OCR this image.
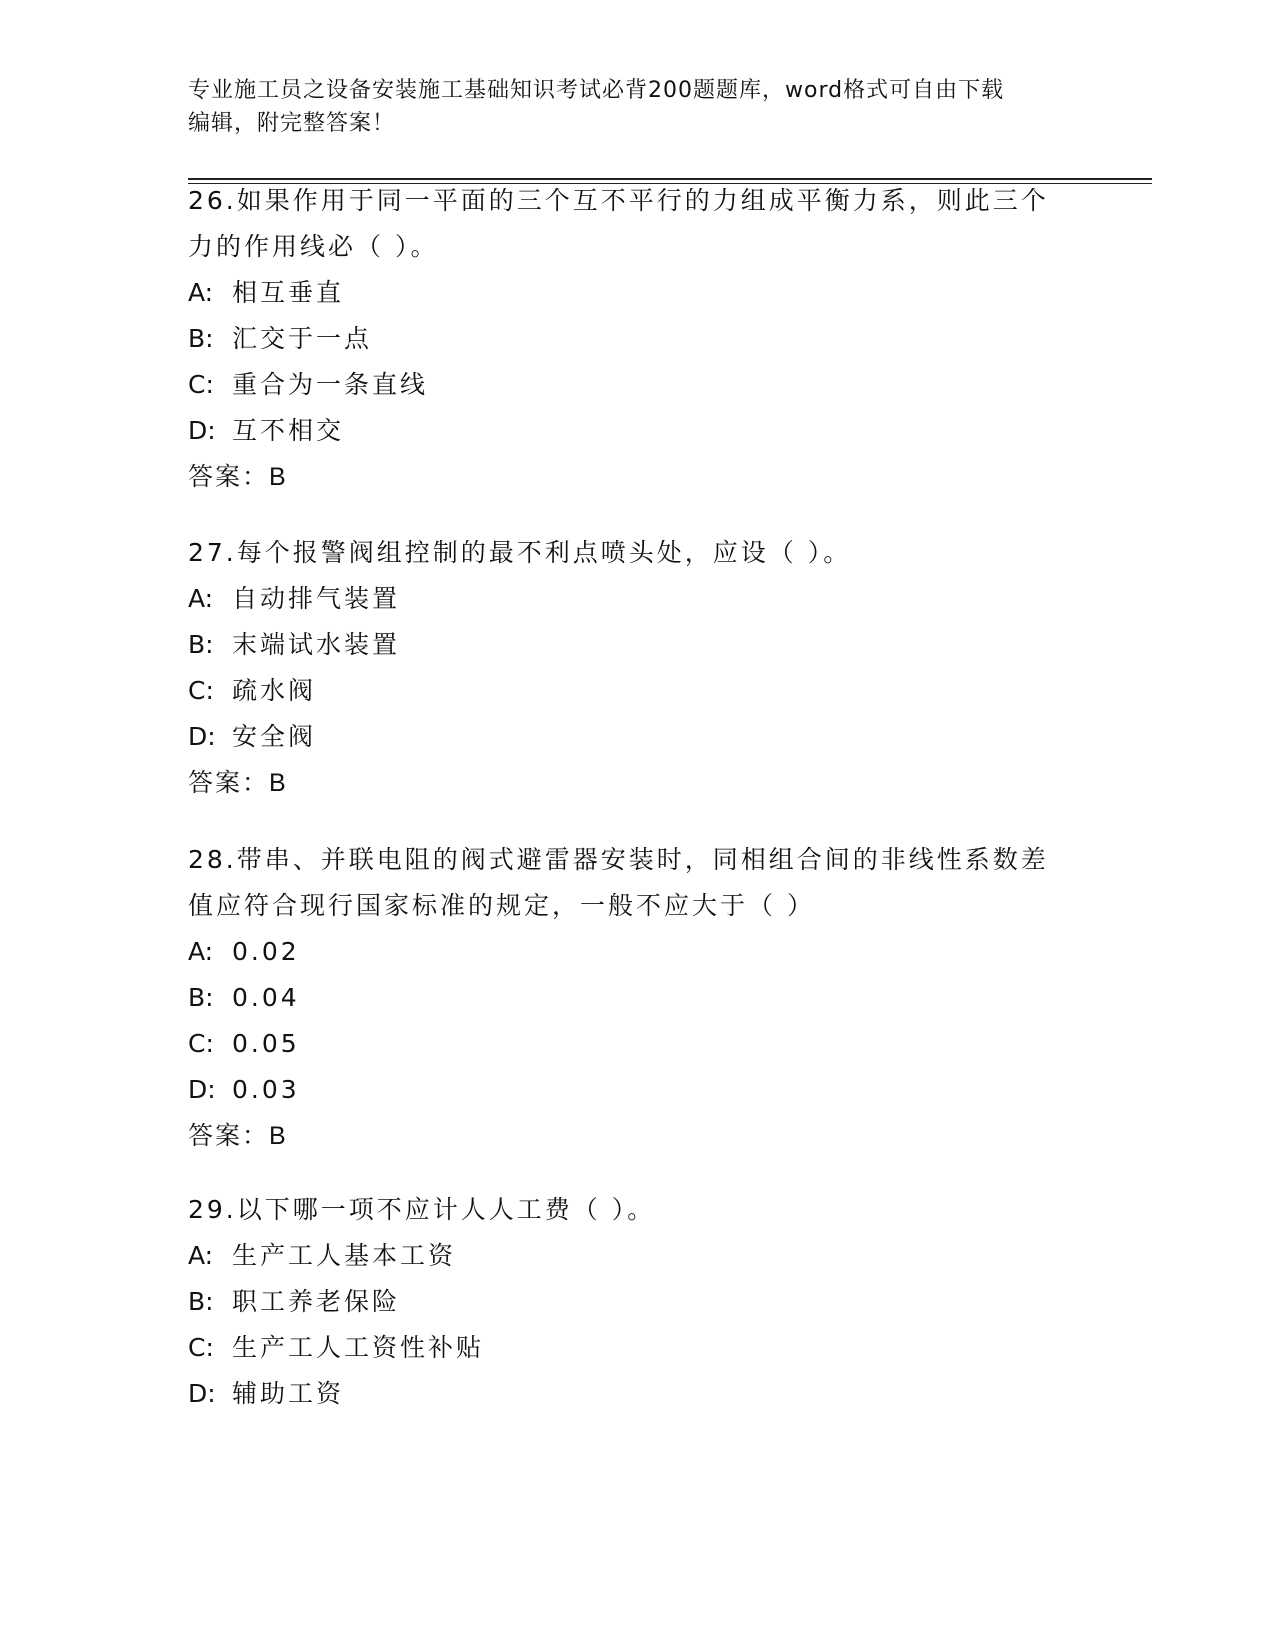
专业施工员之设备安装施工基础知识考试必背200题题库，word格式可自由下载
编辑，附完整答案！

26.如果作用于同一平面的三个互不平行的力组成平衡力系，则此三个

力的作用线必（ ）。

A: 相互垂直

B: 汇交于一点

C: 重合为一条直线

D: 互不相交

答案：B

27.每个报警阀组控制的最不利点喷头处，应设（ ）。

A: 自动排气装置

B: 末端试水装置

C: 疏水阀

D: 安全阀

答案：B

28.带串、并联电阻的阀式避雷器安装时，同相组合间的非线性系数差

值应符合现行国家标准的规定，一般不应大于（ ）

A: 0.02

B: 0.04

C: 0.05

D: 0.03

答案：B

29.以下哪一项不应计人人工费（ ）。

A: 生产工人基本工资

B: 职工养老保险

C: 生产工人工资性补贴

D: 辅助工资
